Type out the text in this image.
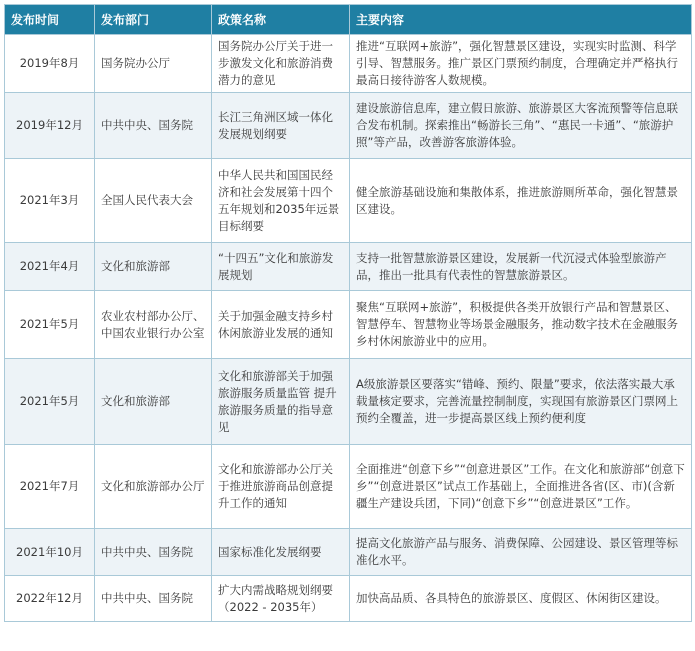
发布时间	发布部门	政策名称	主要内容
2019年8月	国务院办公厅	国务院办公厅关于进一步激发文化和旅游消费潜力的意见	推进“互联网+旅游”，强化智慧景区建设，实现实时监测、科学引导、智慧服务。推广景区门票预约制度，合理确定并严格执行最高日接待游客人数规模。
2019年12月	中共中央、国务院	长江三角洲区域一体化发展规划纲要	建设旅游信息库，建立假日旅游、旅游景区大客流预警等信息联合发布机制。探索推出“畅游长三角”、“惠民一卡通”、“旅游护照”等产品，改善游客旅游体验。
2021年3月	全国人民代表大会	中华人民共和国国民经济和社会发展第十四个五年规划和2035年远景目标纲要	健全旅游基础设施和集散体系，推进旅游厕所革命，强化智慧景区建设。
2021年4月	文化和旅游部	“十四五”文化和旅游发展规划	支持一批智慧旅游景区建设，发展新一代沉浸式体验型旅游产品，推出一批具有代表性的智慧旅游景区。
2021年5月	农业农村部办公厅、中国农业银行办公室	关于加强金融支持乡村休闲旅游业发展的通知	聚焦“互联网+旅游”，积极提供各类开放银行产品和智慧景区、智慧停车、智慧物业等场景金融服务，推动数字技术在金融服务乡村休闲旅游业中的应用。
2021年5月	文化和旅游部	文化和旅游部关于加强旅游服务质量监管 提升旅游服务质量的指导意见	A级旅游景区要落实“错峰、预约、限量”要求，依法落实最大承载量核定要求，完善流量控制制度，实现国有旅游景区门票网上预约全覆盖，进一步提高景区线上预约便利度
2021年7月	文化和旅游部办公厅	文化和旅游部办公厅关于推进旅游商品创意提升工作的通知	全面推进“创意下乡”“创意进景区”工作。在文化和旅游部“创意下乡”“创意进景区”试点工作基础上，全面推进各省(区、市)(含新疆生产建设兵团，下同)“创意下乡”“创意进景区”工作。
2021年10月	中共中央、国务院	国家标准化发展纲要	提高文化旅游产品与服务、消费保障、公园建设、景区管理等标准化水平。
2022年12月	中共中央、国务院	扩大内需战略规划纲要（2022 - 2035年）	加快高品质、各具特色的旅游景区、度假区、休闲街区建设。
